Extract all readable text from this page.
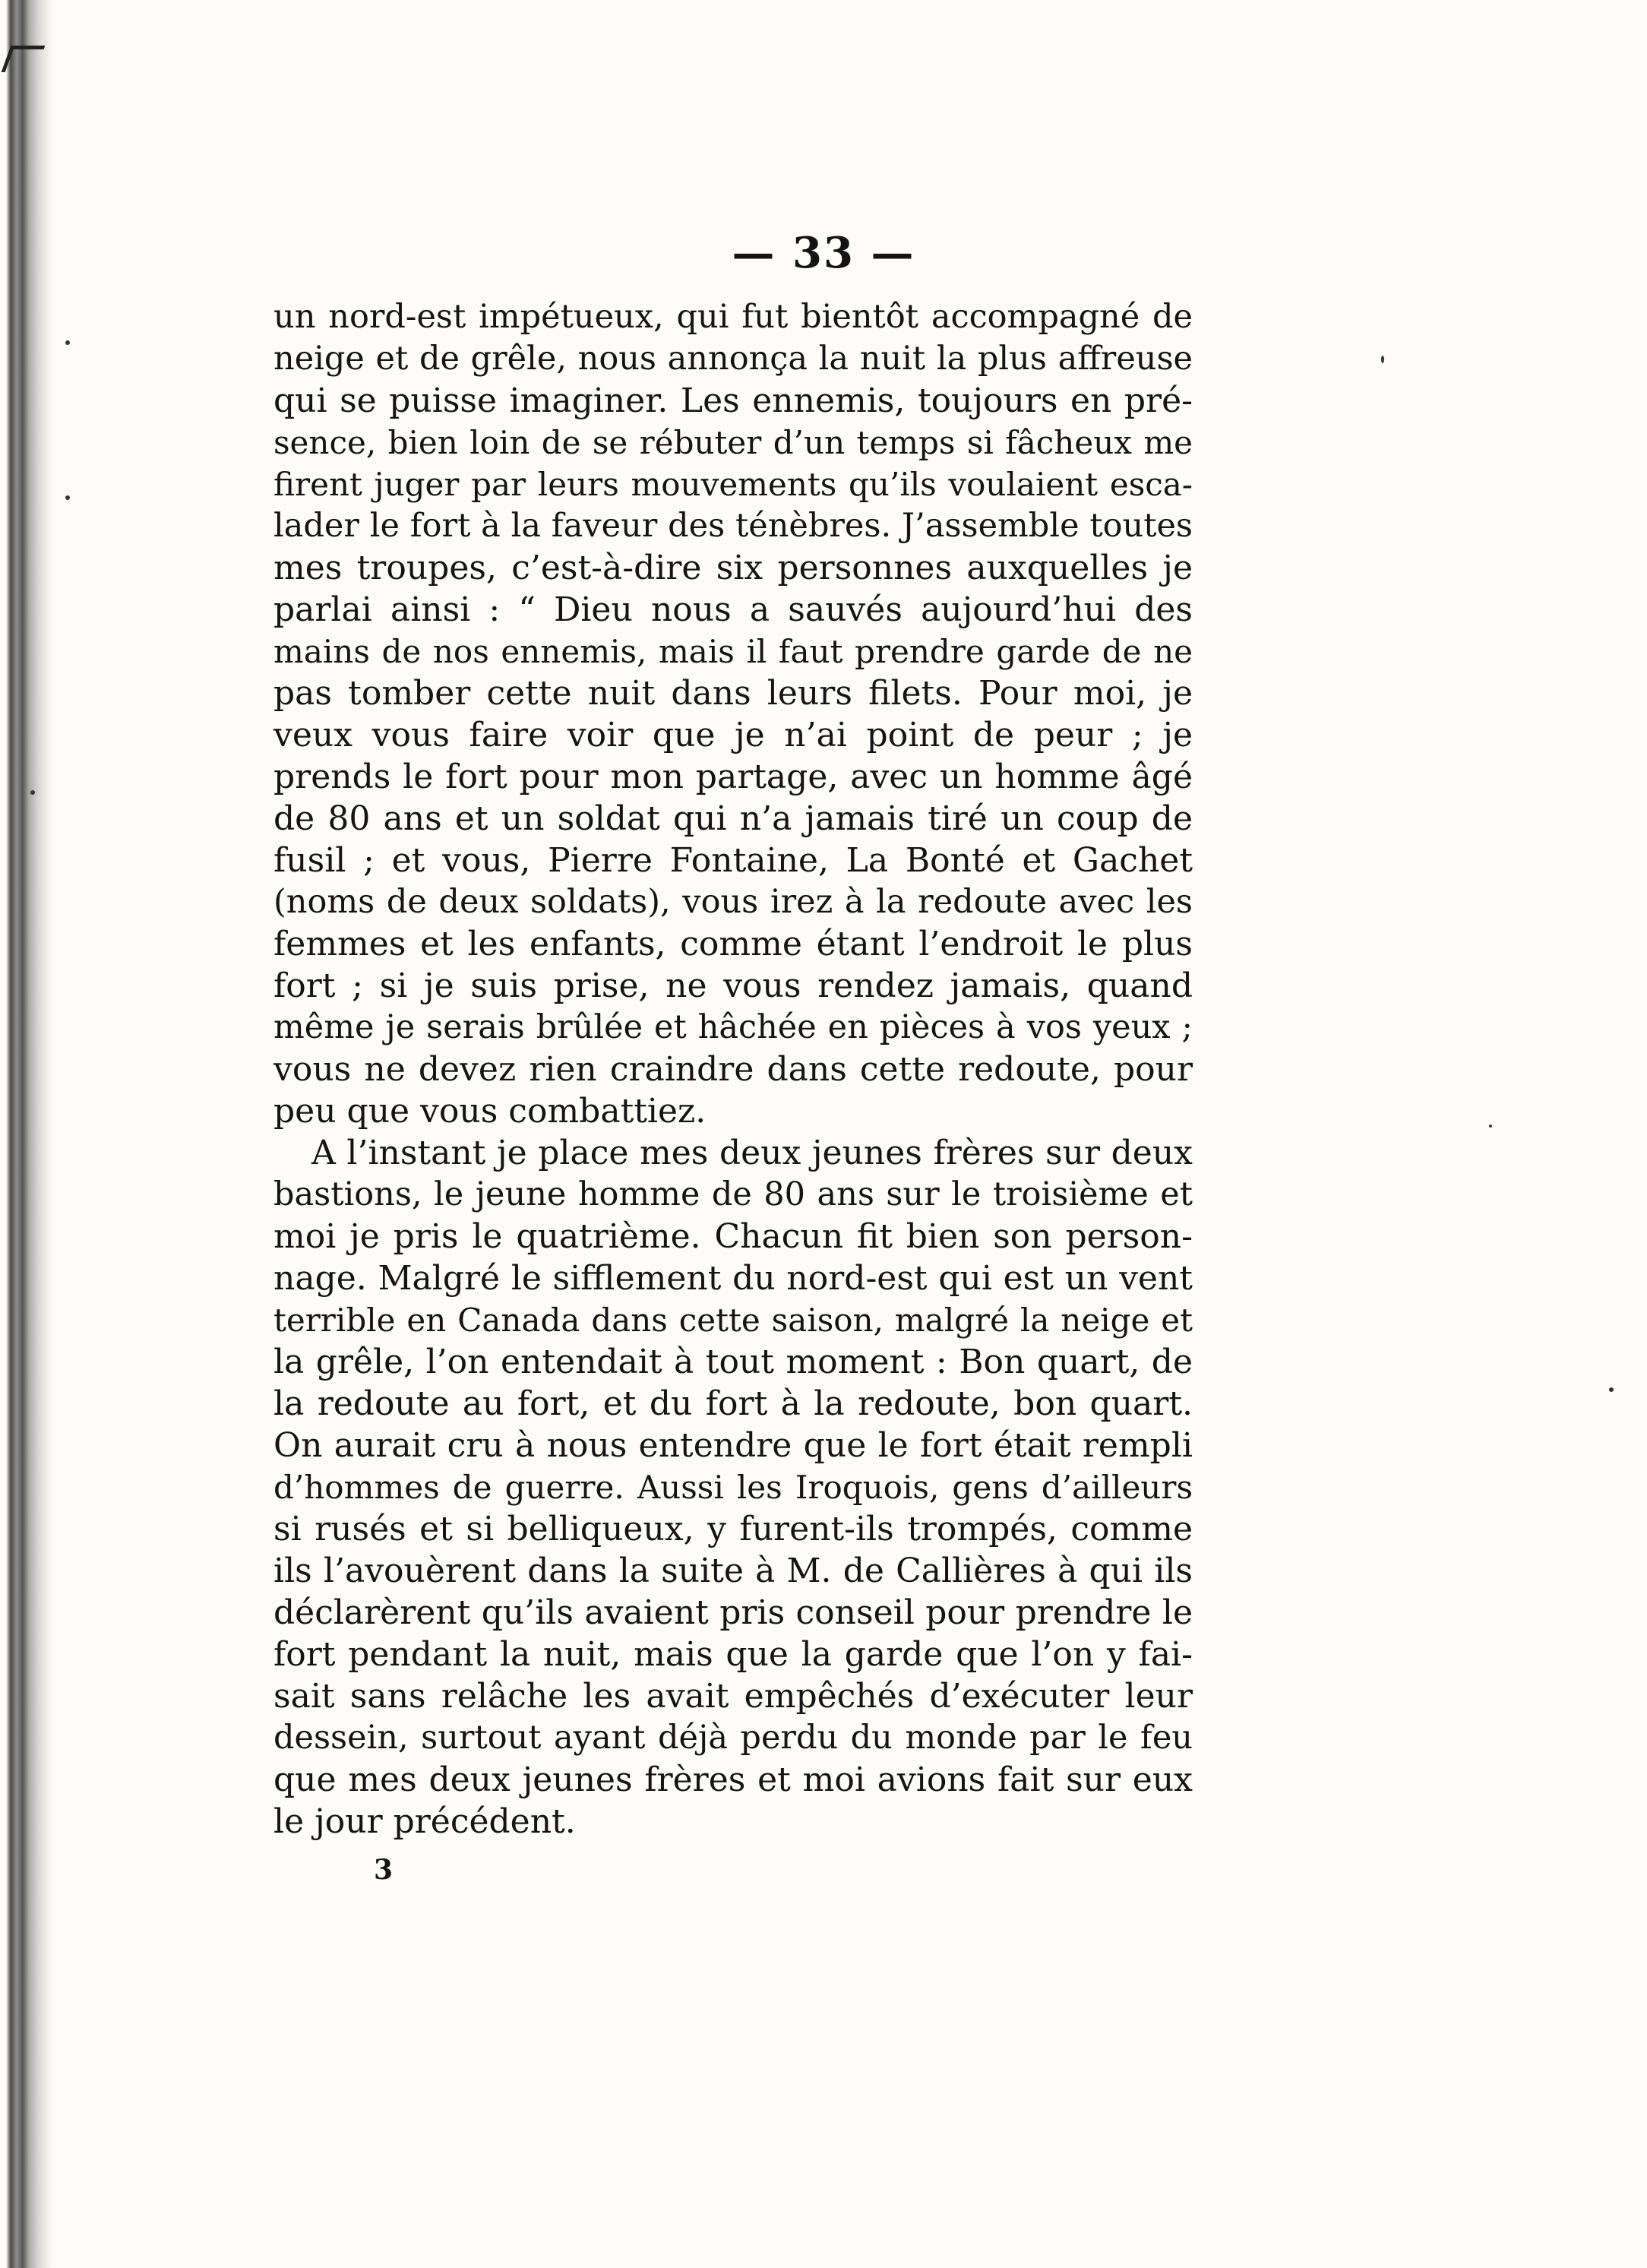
— 33 —
un nord-est impétueux, qui fut bientôt accompagné de
neige et de grêle, nous annonça la nuit la plus affreuse
qui se puisse imaginer. Les ennemis, toujours en pré-
sence, bien loin de se rébuter d’un temps si fâcheux me
firent juger par leurs mouvements qu’ils voulaient esca-
lader le fort à la faveur des ténèbres. J’assemble toutes
mes troupes, c’est-à-dire six personnes auxquelles je
parlai ainsi : “ Dieu nous a sauvés aujourd’hui des
mains de nos ennemis, mais il faut prendre garde de ne
pas tomber cette nuit dans leurs filets. Pour moi, je
veux vous faire voir que je n’ai point de peur ; je
prends le fort pour mon partage, avec un homme âgé
de 80 ans et un soldat qui n’a jamais tiré un coup de
fusil ; et vous, Pierre Fontaine, La Bonté et Gachet
(noms de deux soldats), vous irez à la redoute avec les
femmes et les enfants, comme étant l’endroit le plus
fort ; si je suis prise, ne vous rendez jamais, quand
même je serais brûlée et hâchée en pièces à vos yeux ;
vous ne devez rien craindre dans cette redoute, pour
peu que vous combattiez.
A l’instant je place mes deux jeunes frères sur deux
bastions, le jeune homme de 80 ans sur le troisième et
moi je pris le quatrième. Chacun fit bien son person-
nage. Malgré le sifflement du nord-est qui est un vent
terrible en Canada dans cette saison, malgré la neige et
la grêle, l’on entendait à tout moment : Bon quart, de
la redoute au fort, et du fort à la redoute, bon quart.
On aurait cru à nous entendre que le fort était rempli
d’hommes de guerre. Aussi les Iroquois, gens d’ailleurs
si rusés et si belliqueux, y furent-ils trompés, comme
ils l’avouèrent dans la suite à M. de Callières à qui ils
déclarèrent qu’ils avaient pris conseil pour prendre le
fort pendant la nuit, mais que la garde que l’on y fai-
sait sans relâche les avait empêchés d’exécuter leur
dessein, surtout ayant déjà perdu du monde par le feu
que mes deux jeunes frères et moi avions fait sur eux
le jour précédent.
3
